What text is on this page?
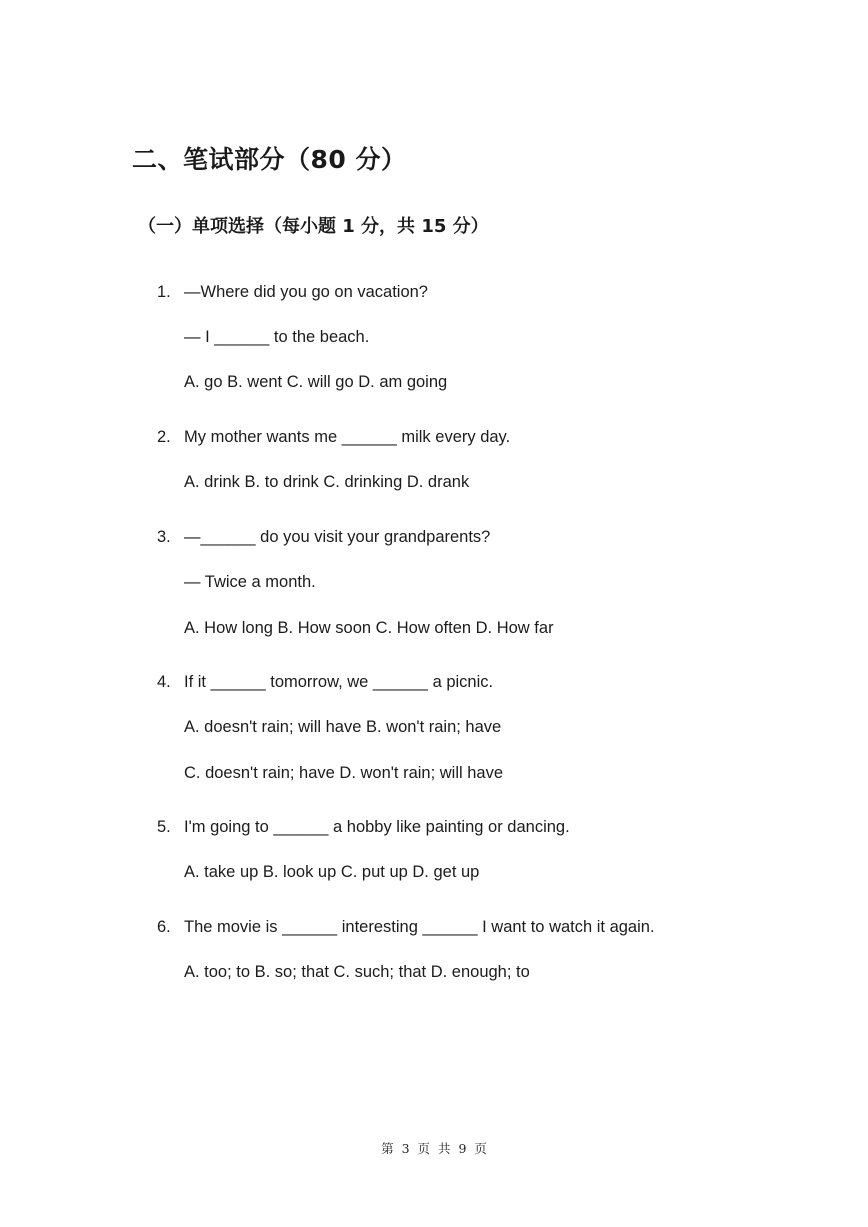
二、笔试部分（80 分）
（一）单项选择（每小题 1 分，共 15 分）
1. —Where did you go on vacation?
— I ______ to the beach.
A. go B. went C. will go D. am going
2. My mother wants me ______ milk every day.
A. drink B. to drink C. drinking D. drank
3. —______ do you visit your grandparents?
— Twice a month.
A. How long B. How soon C. How often D. How far
4. If it ______ tomorrow, we ______ a picnic.
A. doesn't rain; will have B. won't rain; have
C. doesn't rain; have D. won't rain; will have
5. I'm going to ______ a hobby like painting or dancing.
A. take up B. look up C. put up D. get up
6. The movie is ______ interesting ______ I want to watch it again.
A. too; to B. so; that C. such; that D. enough; to
第 3 页 共 9 页
